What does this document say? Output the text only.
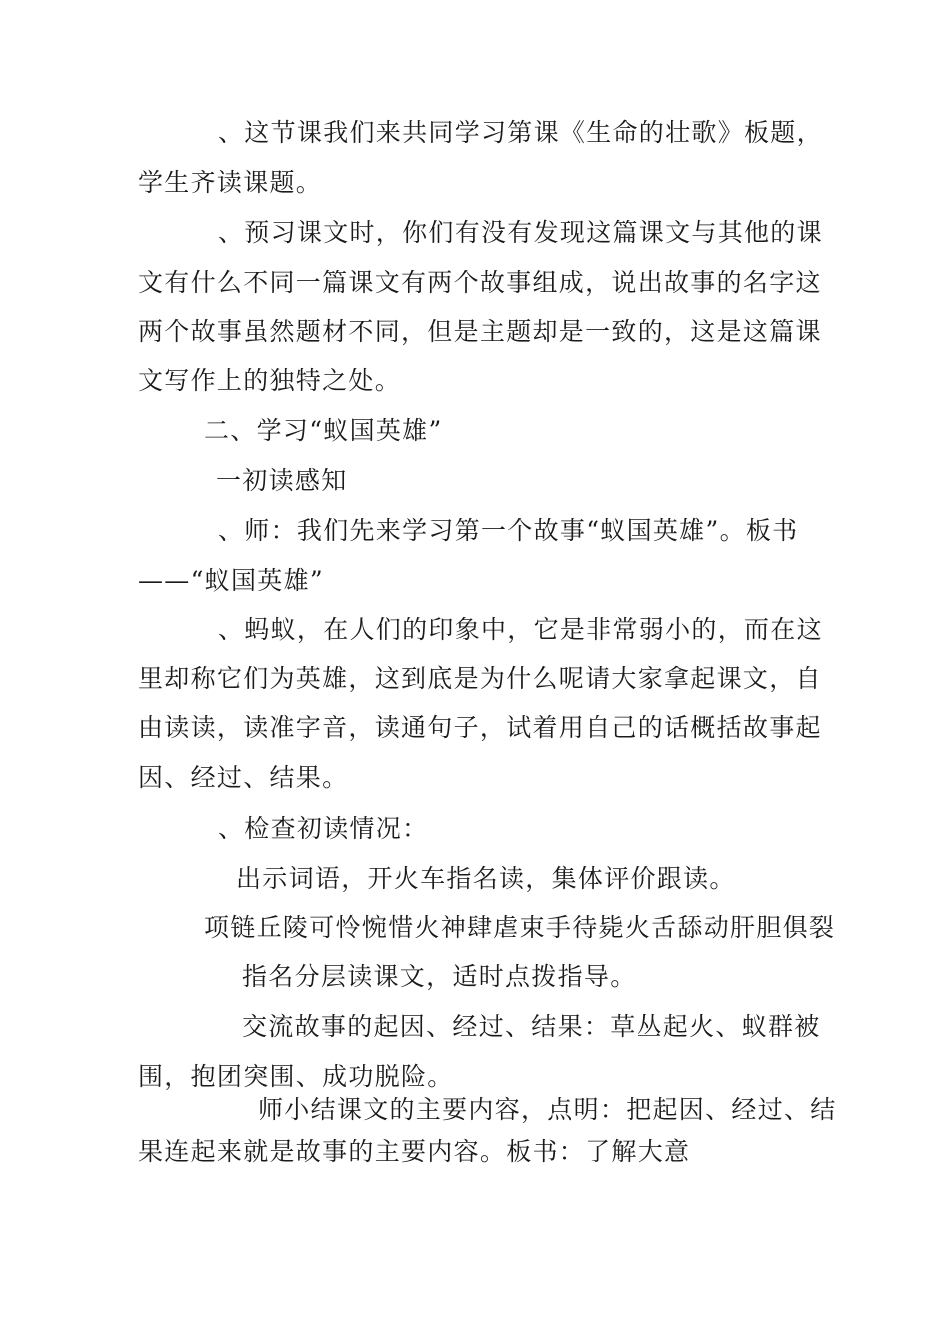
、这节课我们来共同学习第课《生命的壮歌》板题，
学生齐读课题。
、预习课文时，你们有没有发现这篇课文与其他的课
文有什么不同一篇课文有两个故事组成，说出故事的名字这
两个故事虽然题材不同，但是主题却是一致的，这是这篇课
文写作上的独特之处。
二、学习“蚁国英雄”
一初读感知
、师：我们先来学习第一个故事“蚁国英雄”。板书
——“蚁国英雄”
、蚂蚁，在人们的印象中，它是非常弱小的，而在这
里却称它们为英雄，这到底是为什么呢请大家拿起课文，自
由读读，读准字音，读通句子，试着用自己的话概括故事起
因、经过、结果。
、检查初读情况：
出示词语，开火车指名读，集体评价跟读。
项链丘陵可怜惋惜火神肆虐束手待毙火舌舔动肝胆俱裂
指名分层读课文，适时点拨指导。
交流故事的起因、经过、结果：草丛起火、蚁群被
围，抱团突围、成功脱险。
师小结课文的主要内容，点明：把起因、经过、结
果连起来就是故事的主要内容。板书：了解大意
